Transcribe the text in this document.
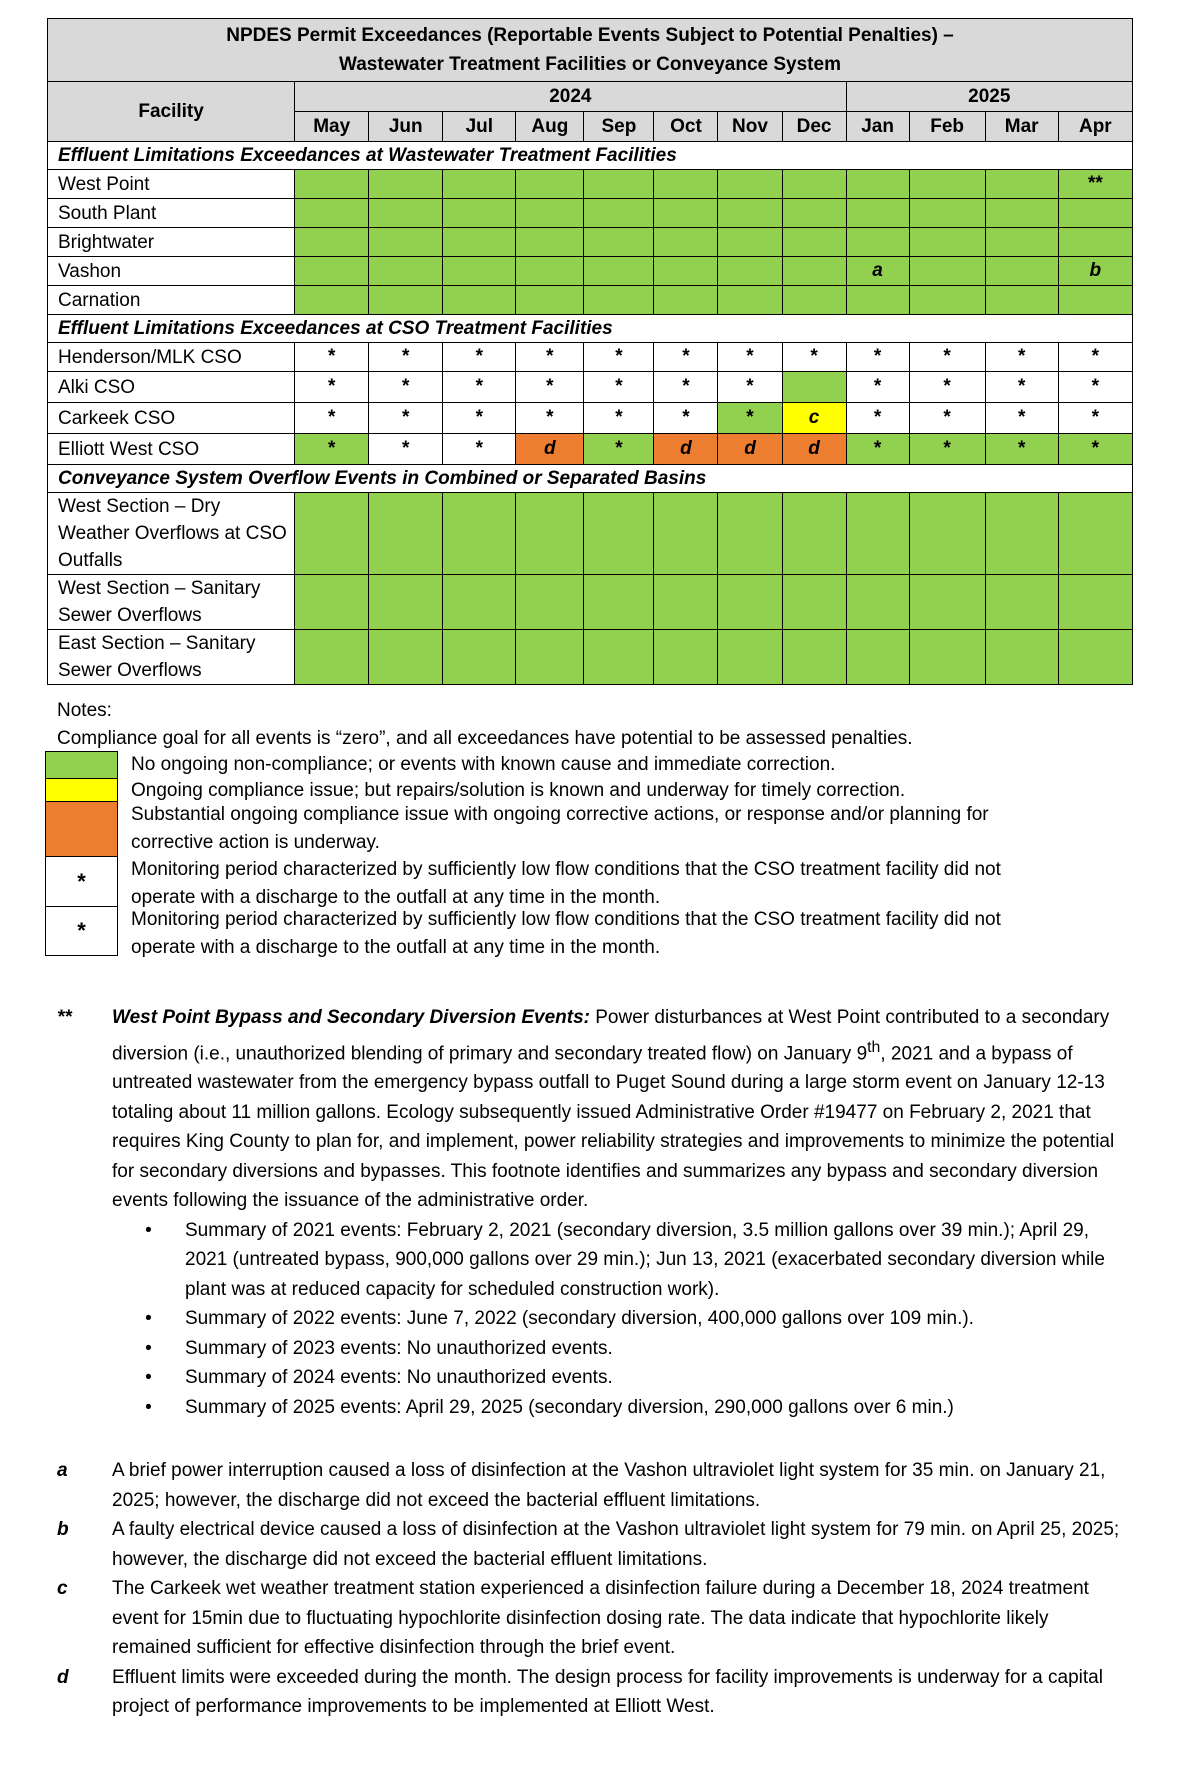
NPDES Permit Exceedances (Reportable Events Subject to Potential Penalties) –
Wastewater Treatment Facilities or Conveyance System												

Facility	2024								2025			
	May	Jun	Jul	Aug	Sep	Oct	Nov	Dec	Jan	Feb	Mar	Apr
Effluent Limitations Exceedances at Wastewater Treatment Facilities												
West Point												**
South Plant												
Brightwater												
Vashon									a			b
Carnation												
Effluent Limitations Exceedances at CSO Treatment Facilities												
Henderson/MLK CSO	*	*	*	*	*	*	*	*	*	*	*	*
Alki CSO	*	*	*	*	*	*	*		*	*	*	*
Carkeek CSO	*	*	*	*	*	*	*	c	*	*	*	*
Elliott West CSO	*	*	*	d	*	d	d	d	*	*	*	*
Conveyance System Overflow Events in Combined or Separated Basins												
West Section – Dry Weather Overflows at CSO Outfalls												
West Section – Sanitary Sewer Overflows												
East Section – Sanitary Sewer Overflows												
Notes:
Compliance goal for all events is “zero”, and all exceedances have potential to be assessed penalties.
No ongoing non-compliance; or events with known cause and immediate correction.
Ongoing compliance issue; but repairs/solution is known and underway for timely correction.
Substantial ongoing compliance issue with ongoing corrective actions, or response and/or planning for corrective action is underway.
*	Monitoring period characterized by sufficiently low flow conditions that the CSO treatment facility did not operate with a discharge to the outfall at any time in the month.
*	Monitoring period characterized by sufficiently low flow conditions that the CSO treatment facility did not operate with a discharge to the outfall at any time in the month.
**	West Point Bypass and Secondary Diversion Events: Power disturbances at West Point contributed to a secondary diversion (i.e., unauthorized blending of primary and secondary treated flow) on January 9th, 2021 and a bypass of untreated wastewater from the emergency bypass outfall to Puget Sound during a large storm event on January 12-13 totaling about 11 million gallons. Ecology subsequently issued Administrative Order #19477 on February 2, 2021 that requires King County to plan for, and implement, power reliability strategies and improvements to minimize the potential for secondary diversions and bypasses. This footnote identifies and summarizes any bypass and secondary diversion events following the issuance of the administrative order.
•	Summary of 2021 events: February 2, 2021 (secondary diversion, 3.5 million gallons over 39 min.); April 29, 2021 (untreated bypass, 900,000 gallons over 29 min.); Jun 13, 2021 (exacerbated secondary diversion while plant was at reduced capacity for scheduled construction work).
•	Summary of 2022 events: June 7, 2022 (secondary diversion, 400,000 gallons over 109 min.).
•	Summary of 2023 events: No unauthorized events.
•	Summary of 2024 events: No unauthorized events.
•	Summary of 2025 events: April 29, 2025 (secondary diversion, 290,000 gallons over 6 min.)
a	A brief power interruption caused a loss of disinfection at the Vashon ultraviolet light system for 35 min. on January 21, 2025; however, the discharge did not exceed the bacterial effluent limitations.
b	A faulty electrical device caused a loss of disinfection at the Vashon ultraviolet light system for 79 min. on April 25, 2025; however, the discharge did not exceed the bacterial effluent limitations.
c	The Carkeek wet weather treatment station experienced a disinfection failure during a December 18, 2024 treatment event for 15min due to fluctuating hypochlorite disinfection dosing rate. The data indicate that hypochlorite likely remained sufficient for effective disinfection through the brief event.
d	Effluent limits were exceeded during the month. The design process for facility improvements is underway for a capital project of performance improvements to be implemented at Elliott West.
